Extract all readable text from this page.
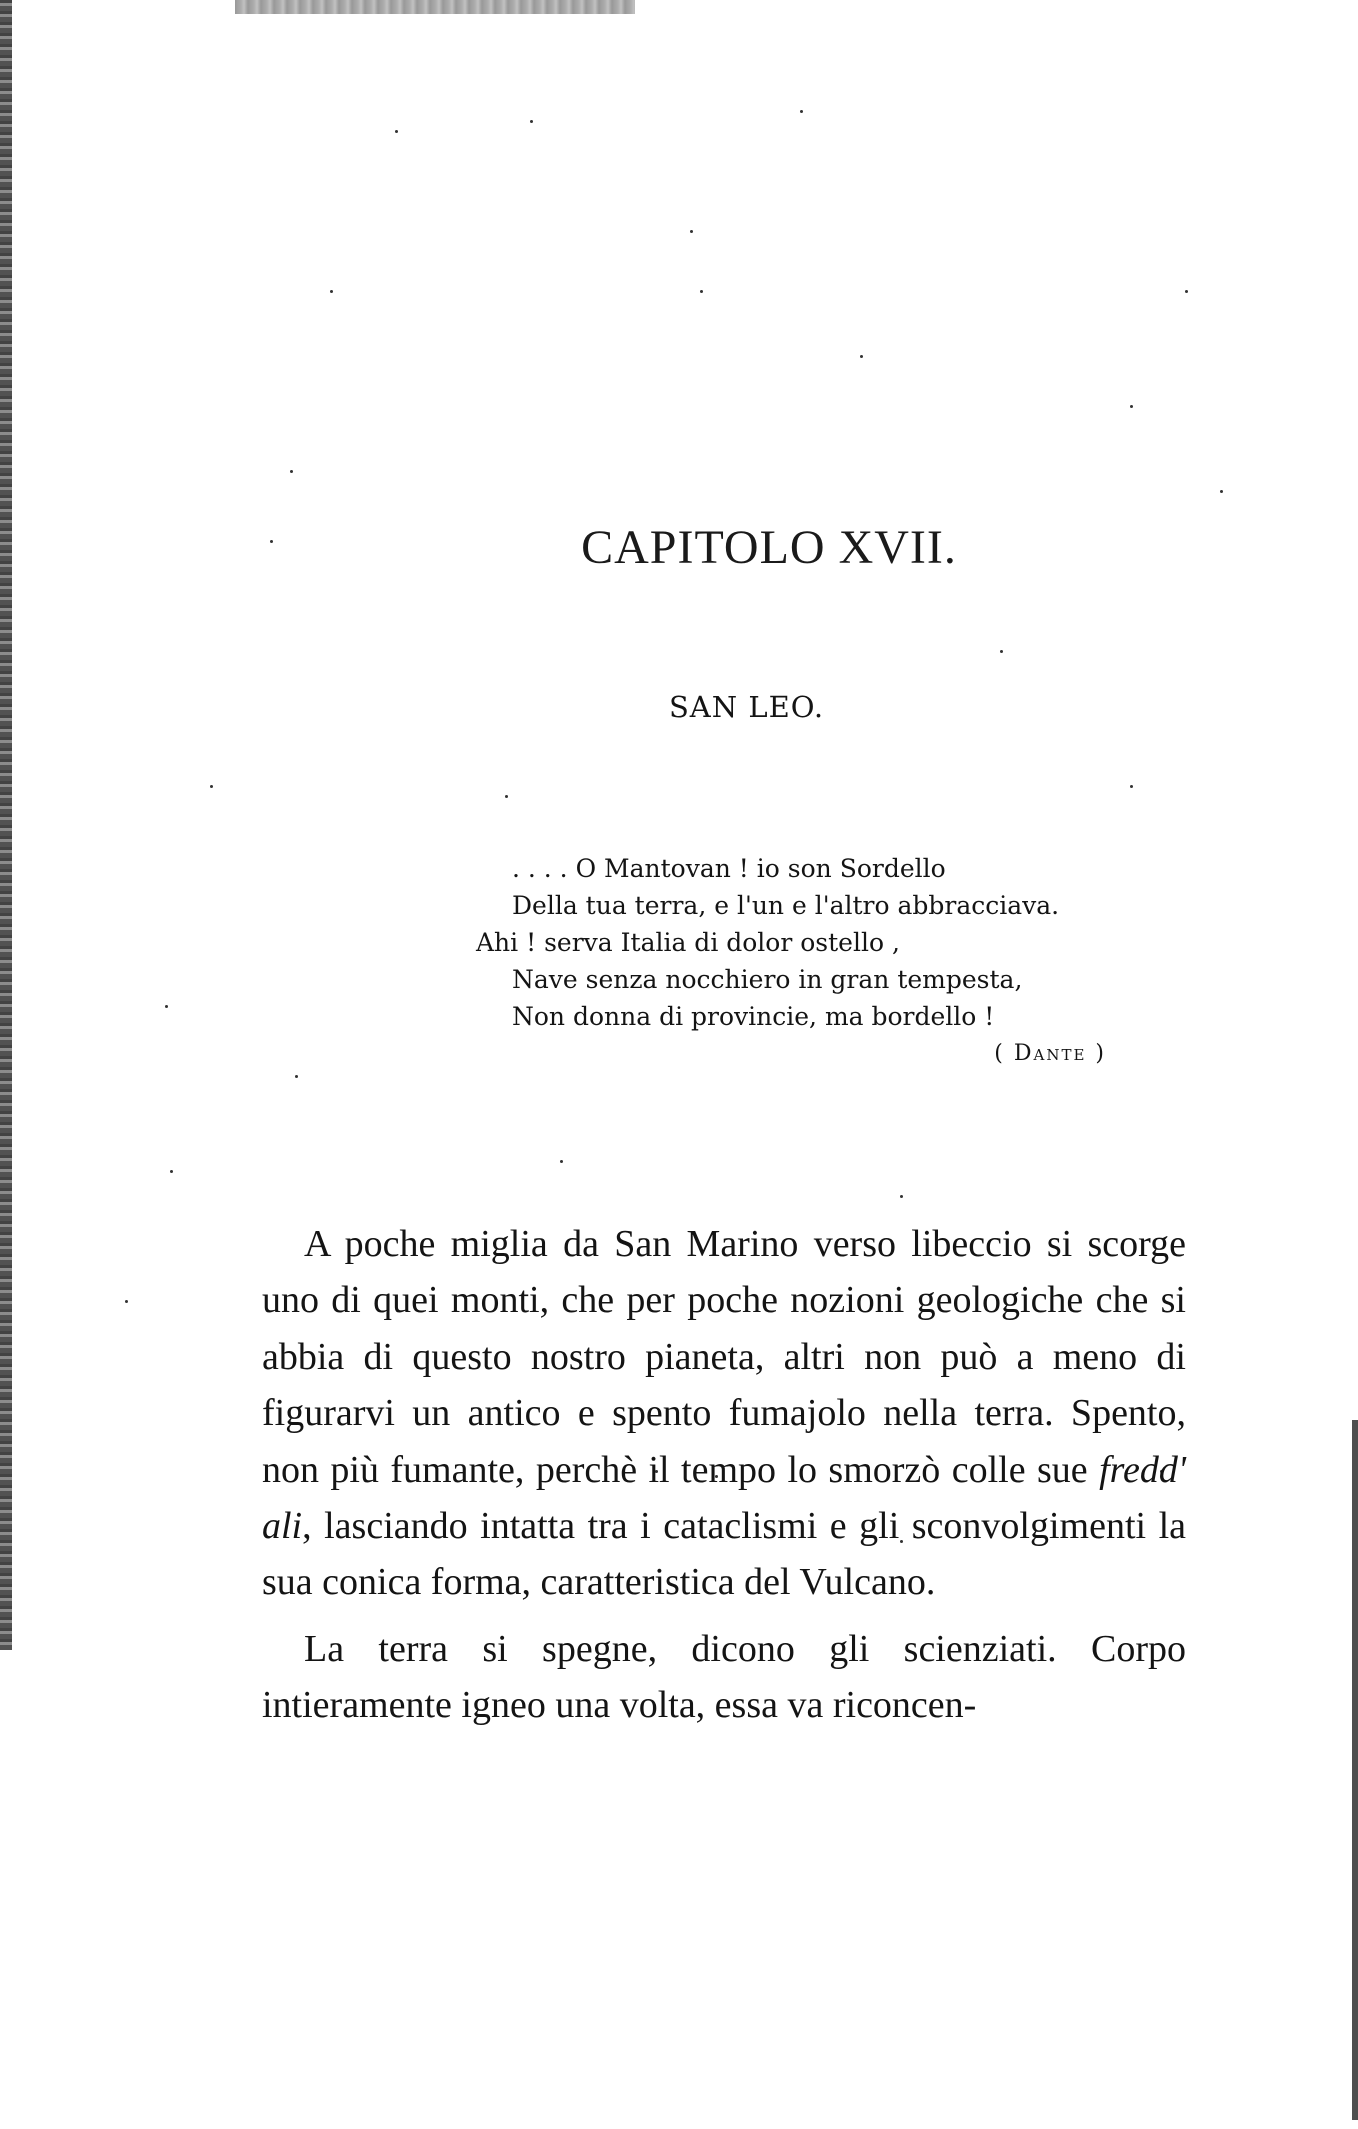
CAPITOLO XVII.
SAN LEO.
. . . . O Mantovan ! io son Sordello
Della tua terra, e l'un e l'altro abbracciava.
Ahi ! serva Italia di dolor ostello ,
Nave senza nocchiero in gran tempesta,
Non donna di provincie, ma bordello !
( Dante )

A poche miglia da San Marino verso libeccio si scorge uno di quei monti, che per poche nozioni geologiche che si abbia di questo nostro pianeta, altri non può a meno di figurarvi un antico e spento fumajolo nella terra. Spento, non più fumante, perchè il tempo lo smorzò colle sue fredd' ali, lasciando intatta tra i cataclismi e gli sconvolgimenti la sua conica forma, caratteristica del Vulcano.

La terra si spegne, dicono gli scienziati. Corpo intieramente igneo una volta, essa va riconcen-
